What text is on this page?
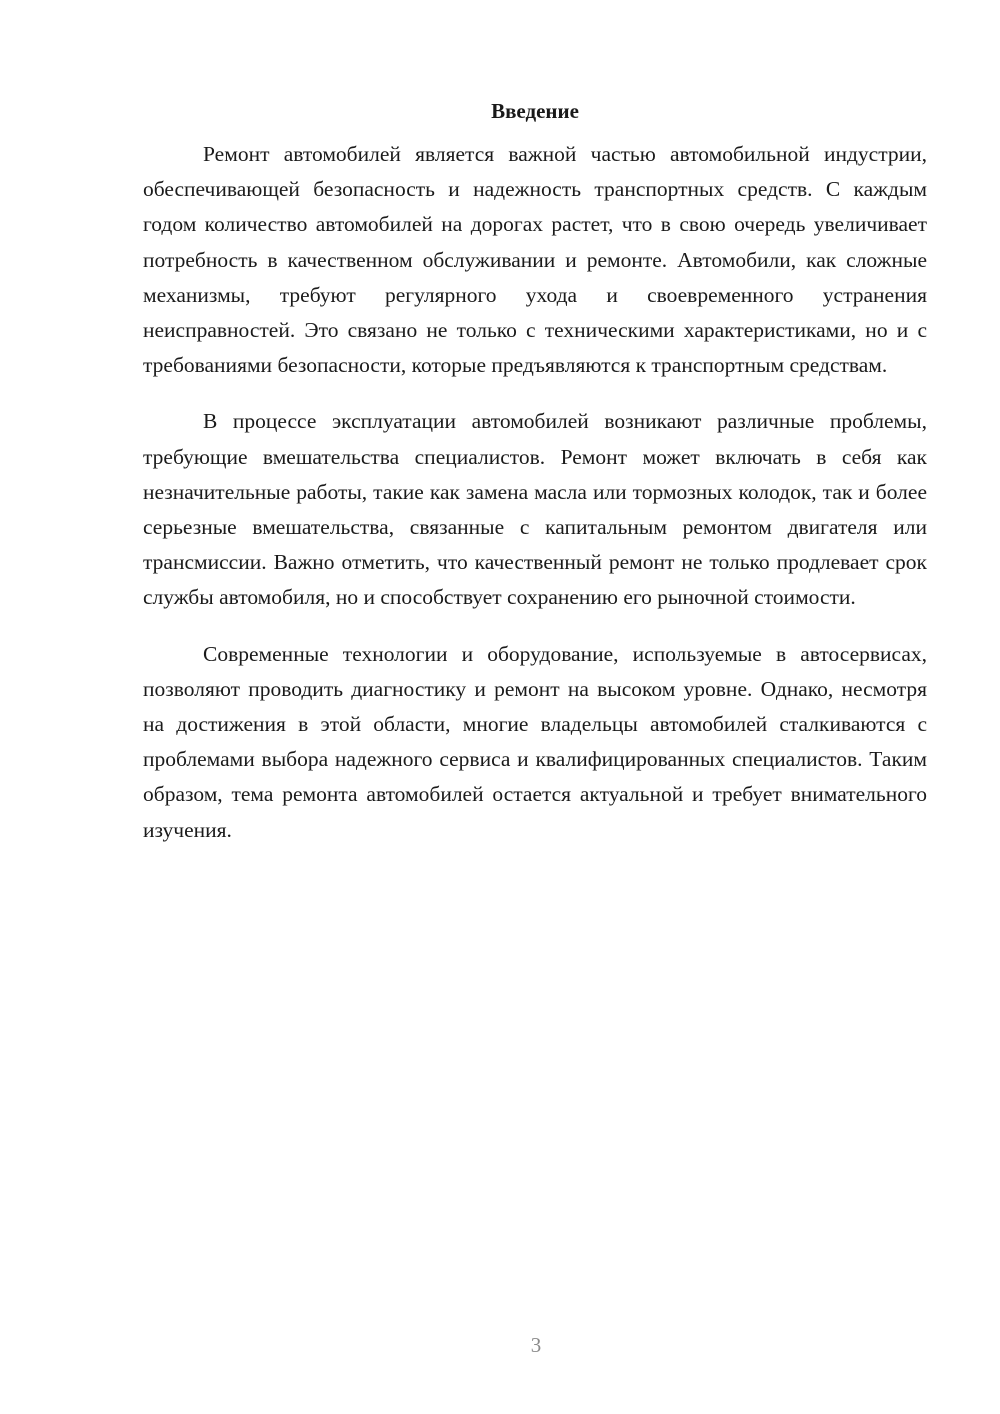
Введение

Ремонт автомобилей является важной частью автомобильной индустрии, обеспечивающей безопасность и надежность транспортных средств. С каждым годом количество автомобилей на дорогах растет, что в свою очередь увеличивает потребность в качественном обслуживании и ремонте. Автомобили, как сложные механизмы, требуют регулярного ухода и своевременного устранения неисправностей. Это связано не только с техническими характеристиками, но и с требованиями безопасности, которые предъявляются к транспортным средствам.

В процессе эксплуатации автомобилей возникают различные проблемы, требующие вмешательства специалистов. Ремонт может включать в себя как незначительные работы, такие как замена масла или тормозных колодок, так и более серьезные вмешательства, связанные с капитальным ремонтом двигателя или трансмиссии. Важно отметить, что качественный ремонт не только продлевает срок службы автомобиля, но и способствует сохранению его рыночной стоимости.

Современные технологии и оборудование, используемые в автосервисах, позволяют проводить диагностику и ремонт на высоком уровне. Однако, несмотря на достижения в этой области, многие владельцы автомобилей сталкиваются с проблемами выбора надежного сервиса и квалифицированных специалистов. Таким образом, тема ремонта автомобилей остается актуальной и требует внимательного изучения.

3
